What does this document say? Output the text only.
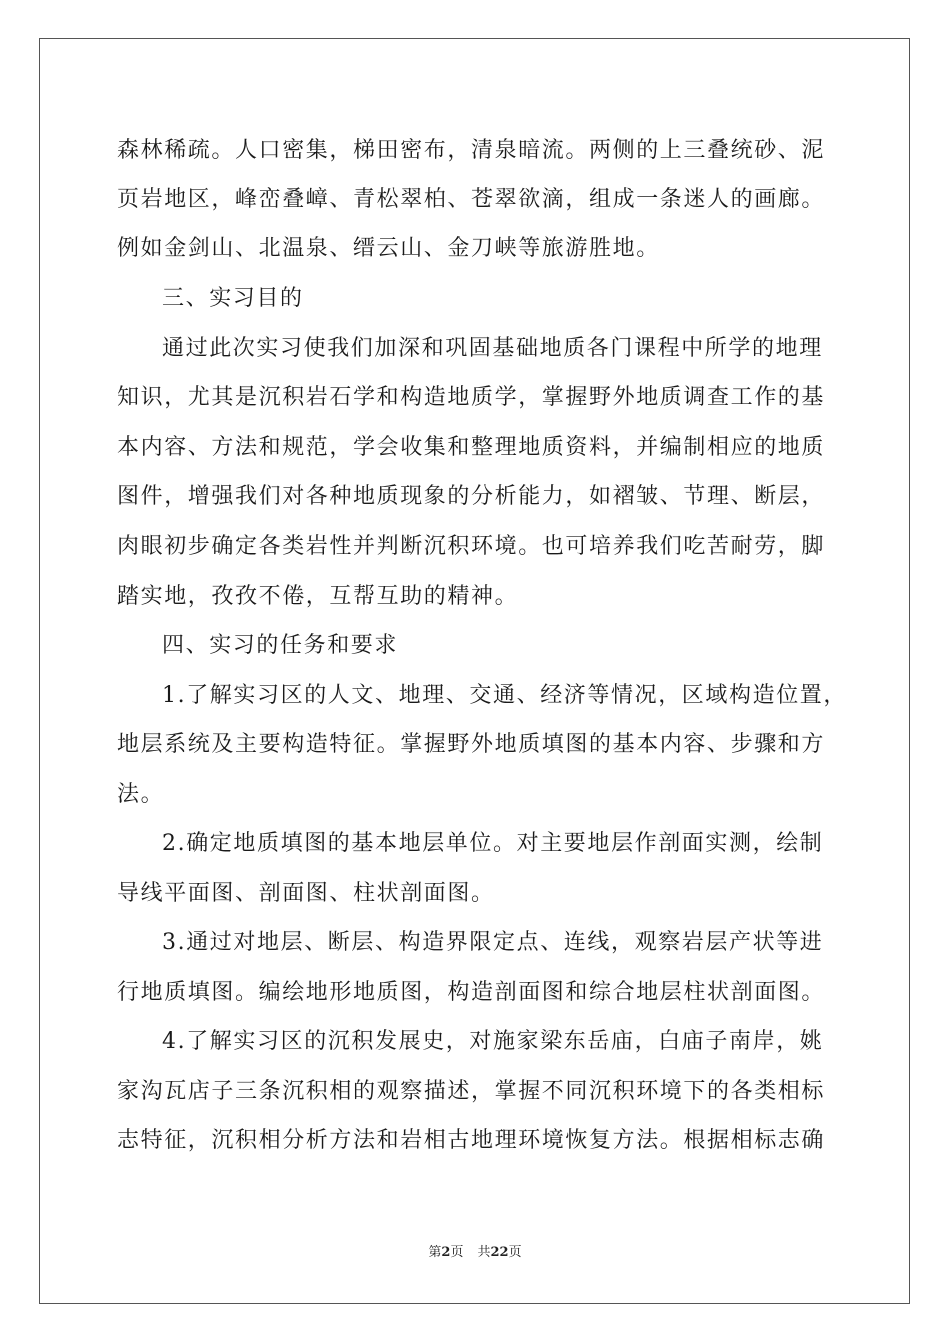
森林稀疏。人口密集，梯田密布，清泉暗流。两侧的上三叠统砂、泥
页岩地区，峰峦叠嶂、青松翠柏、苍翠欲滴，组成一条迷人的画廊。
例如金剑山、北温泉、缙云山、金刀峡等旅游胜地。
三、实习目的
通过此次实习使我们加深和巩固基础地质各门课程中所学的地理
知识，尤其是沉积岩石学和构造地质学，掌握野外地质调查工作的基
本内容、方法和规范，学会收集和整理地质资料，并编制相应的地质
图件，增强我们对各种地质现象的分析能力，如褶皱、节理、断层，
肉眼初步确定各类岩性并判断沉积环境。也可培养我们吃苦耐劳，脚
踏实地，孜孜不倦，互帮互助的精神。
四、实习的任务和要求
1.了解实习区的人文、地理、交通、经济等情况，区域构造位置，
地层系统及主要构造特征。掌握野外地质填图的基本内容、步骤和方
法。
2.确定地质填图的基本地层单位。对主要地层作剖面实测，绘制
导线平面图、剖面图、柱状剖面图。
3.通过对地层、断层、构造界限定点、连线，观察岩层产状等进
行地质填图。编绘地形地质图，构造剖面图和综合地层柱状剖面图。
4.了解实习区的沉积发展史，对施家梁东岳庙，白庙子南岸，姚
家沟瓦店子三条沉积相的观察描述，掌握不同沉积环境下的各类相标
志特征，沉积相分析方法和岩相古地理环境恢复方法。根据相标志确
第2页 共22页
